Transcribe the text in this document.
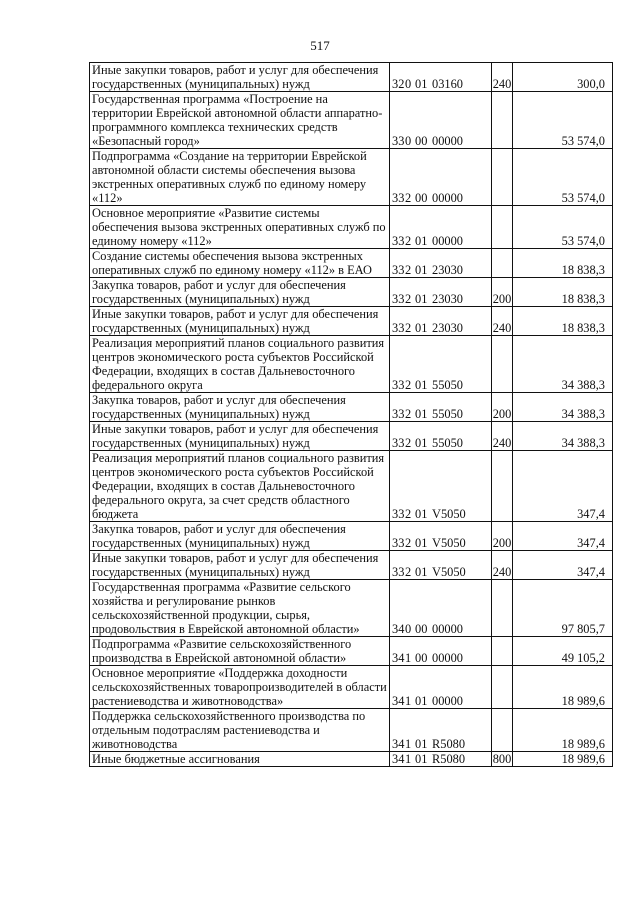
517
Иные закупки товаров, работ и услуг для обеспечения государственных (муниципальных) нужд	320 01 03160	240	300,0
Государственная программа «Построение на территории Еврейской автономной области аппаратно-программного комплекса технических средств «Безопасный город»	330 00 00000		53 574,0
Подпрограмма «Создание на территории Еврейской автономной области системы обеспечения вызова экстренных оперативных служб по единому номеру «112»	332 00 00000		53 574,0
Основное мероприятие «Развитие системы обеспечения вызова экстренных оперативных служб по единому номеру «112»	332 01 00000		53 574,0
Создание системы обеспечения вызова экстренных оперативных служб по единому номеру «112» в ЕАО	332 01 23030		18 838,3
Закупка товаров, работ и услуг для обеспечения государственных (муниципальных) нужд	332 01 23030	200	18 838,3
Иные закупки товаров, работ и услуг для обеспечения государственных (муниципальных) нужд	332 01 23030	240	18 838,3
Реализация мероприятий планов социального развития центров экономического роста субъектов Российской Федерации, входящих в состав Дальневосточного федерального округа	332 01 55050		34 388,3
Закупка товаров, работ и услуг для обеспечения государственных (муниципальных) нужд	332 01 55050	200	34 388,3
Иные закупки товаров, работ и услуг для обеспечения государственных (муниципальных) нужд	332 01 55050	240	34 388,3
Реализация мероприятий планов социального развития центров экономического роста субъектов Российской Федерации, входящих в состав Дальневосточного федерального округа, за счет средств областного бюджета	332 01 V5050		347,4
Закупка товаров, работ и услуг для обеспечения государственных (муниципальных) нужд	332 01 V5050	200	347,4
Иные закупки товаров, работ и услуг для обеспечения государственных (муниципальных) нужд	332 01 V5050	240	347,4
Государственная программа «Развитие сельского хозяйства и регулирование рынков сельскохозяйственной продукции, сырья, продовольствия в Еврейской автономной области»	340 00 00000		97 805,7
Подпрограмма «Развитие сельскохозяйственного производства в Еврейской автономной области»	341 00 00000		49 105,2
Основное мероприятие «Поддержка доходности сельскохозяйственных товаропроизводителей в области растениеводства и животноводства»	341 01 00000		18 989,6
Поддержка сельскохозяйственного производства по отдельным подотраслям растениеводства и животноводства	341 01 R5080		18 989,6
Иные бюджетные ассигнования	341 01 R5080	800	18 989,6
